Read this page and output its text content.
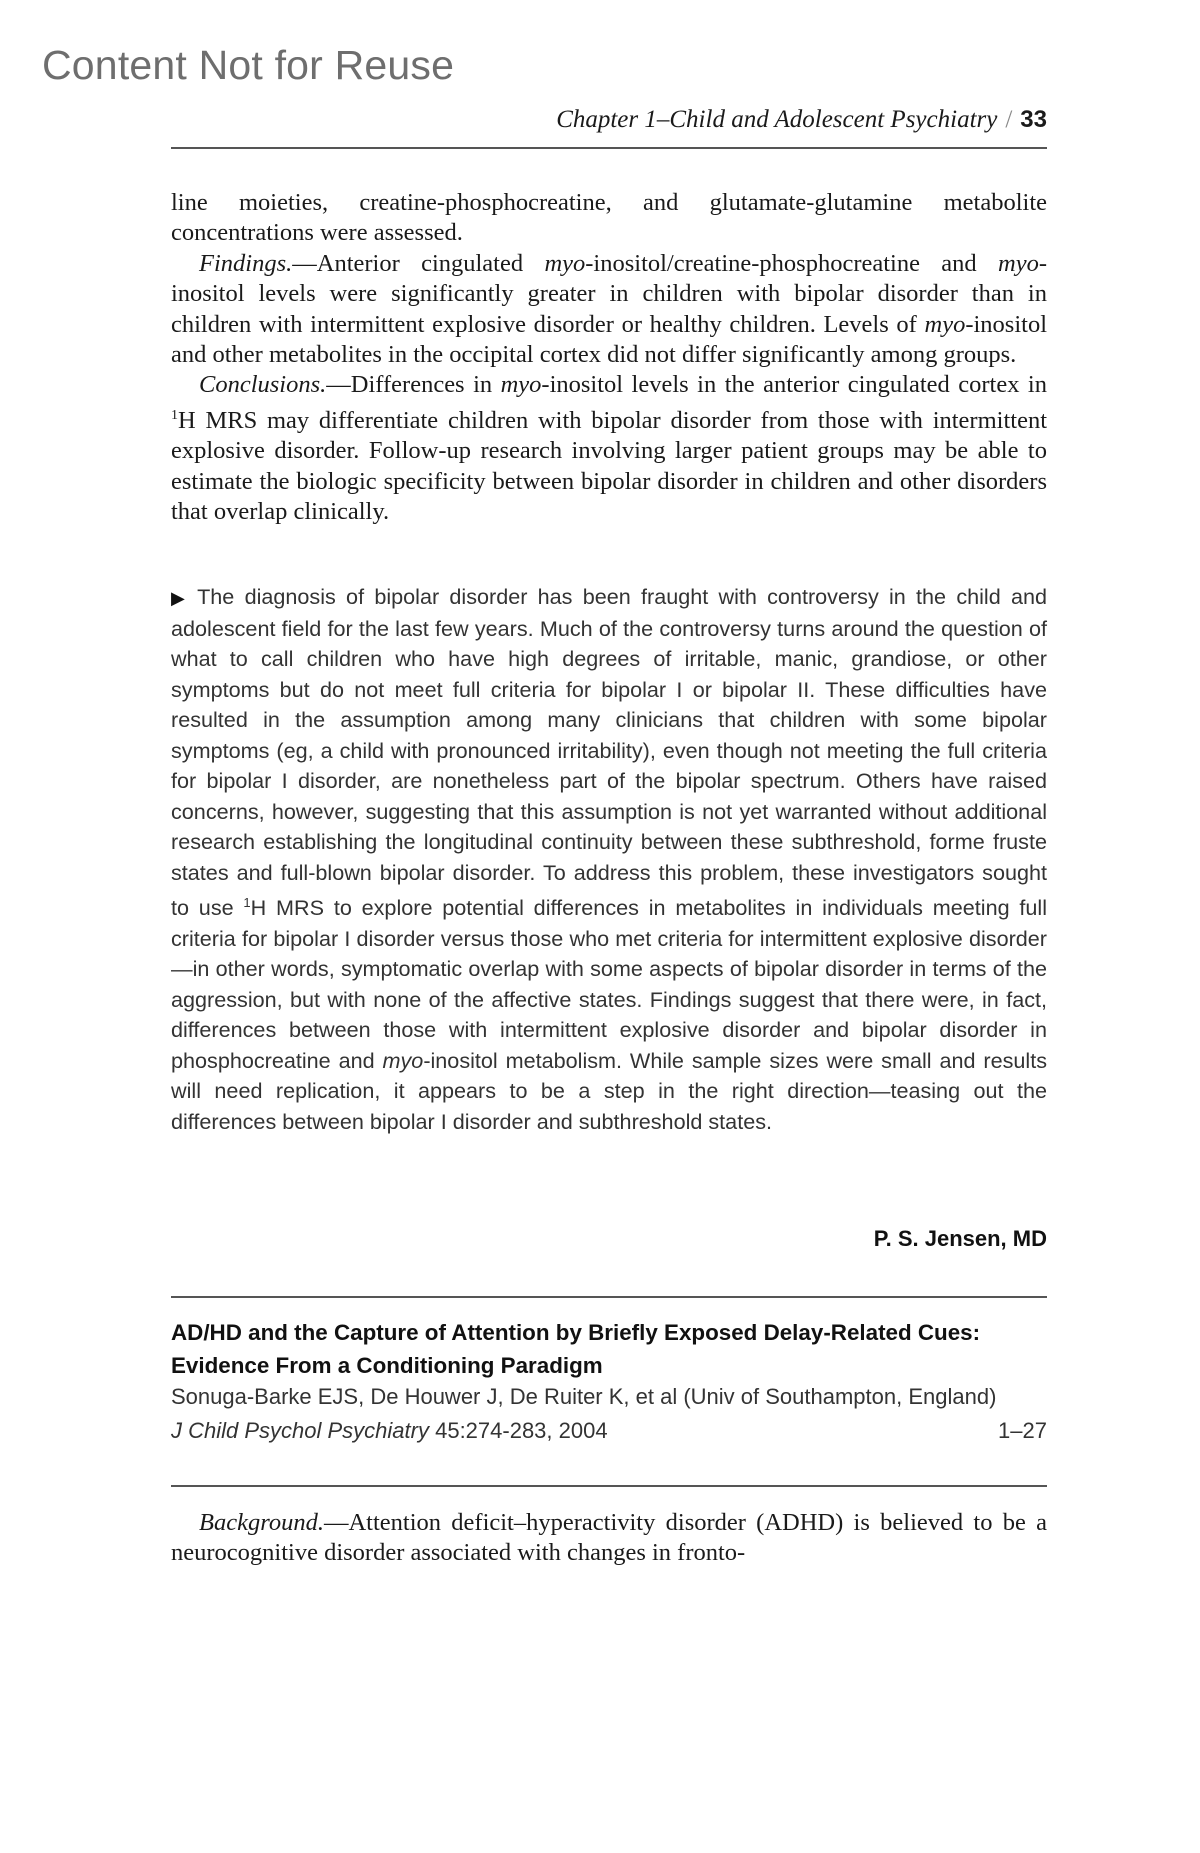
Content Not for Reuse
Chapter 1–Child and Adolescent Psychiatry / 33

line moieties, creatine-phosphocreatine, and glutamate-glutamine metabolite concentrations were assessed.

Findings.—Anterior cingulated myo-inositol/creatine-phosphocreatine and myo-inositol levels were significantly greater in children with bipolar disorder than in children with intermittent explosive disorder or healthy children. Levels of myo-inositol and other metabolites in the occipital cortex did not differ significantly among groups.

Conclusions.—Differences in myo-inositol levels in the anterior cingulated cortex in $^1$H MRS may differentiate children with bipolar disorder from those with intermittent explosive disorder. Follow-up research involving larger patient groups may be able to estimate the biologic specificity between bipolar disorder in children and other disorders that overlap clinically.

▶ The diagnosis of bipolar disorder has been fraught with controversy in the child and adolescent field for the last few years. Much of the controversy turns around the question of what to call children who have high degrees of irritable, manic, grandiose, or other symptoms but do not meet full criteria for bipolar I or bipolar II. These difficulties have resulted in the assumption among many clinicians that children with some bipolar symptoms (eg, a child with pronounced irritability), even though not meeting the full criteria for bipolar I disorder, are nonetheless part of the bipolar spectrum. Others have raised concerns, however, suggesting that this assumption is not yet warranted without additional research establishing the longitudinal continuity between these subthreshold, forme fruste states and full-blown bipolar disorder. To address this problem, these investigators sought to use $^1$H MRS to explore potential differences in metabolites in individuals meeting full criteria for bipolar I disorder versus those who met criteria for intermittent explosive disorder—in other words, symptomatic overlap with some aspects of bipolar disorder in terms of the aggression, but with none of the affective states. Findings suggest that there were, in fact, differences between those with intermittent explosive disorder and bipolar disorder in phosphocreatine and myo-inositol metabolism. While sample sizes were small and results will need replication, it appears to be a step in the right direction—teasing out the differences between bipolar I disorder and subthreshold states.

P. S. Jensen, MD

AD/HD and the Capture of Attention by Briefly Exposed Delay-Related Cues: Evidence From a Conditioning Paradigm

Sonuga-Barke EJS, De Houwer J, De Ruiter K, et al (Univ of Southampton, England)

J Child Psychol Psychiatry 45:274-283, 2004	1–27

Background.—Attention deficit–hyperactivity disorder (ADHD) is believed to be a neurocognitive disorder associated with changes in fronto-
